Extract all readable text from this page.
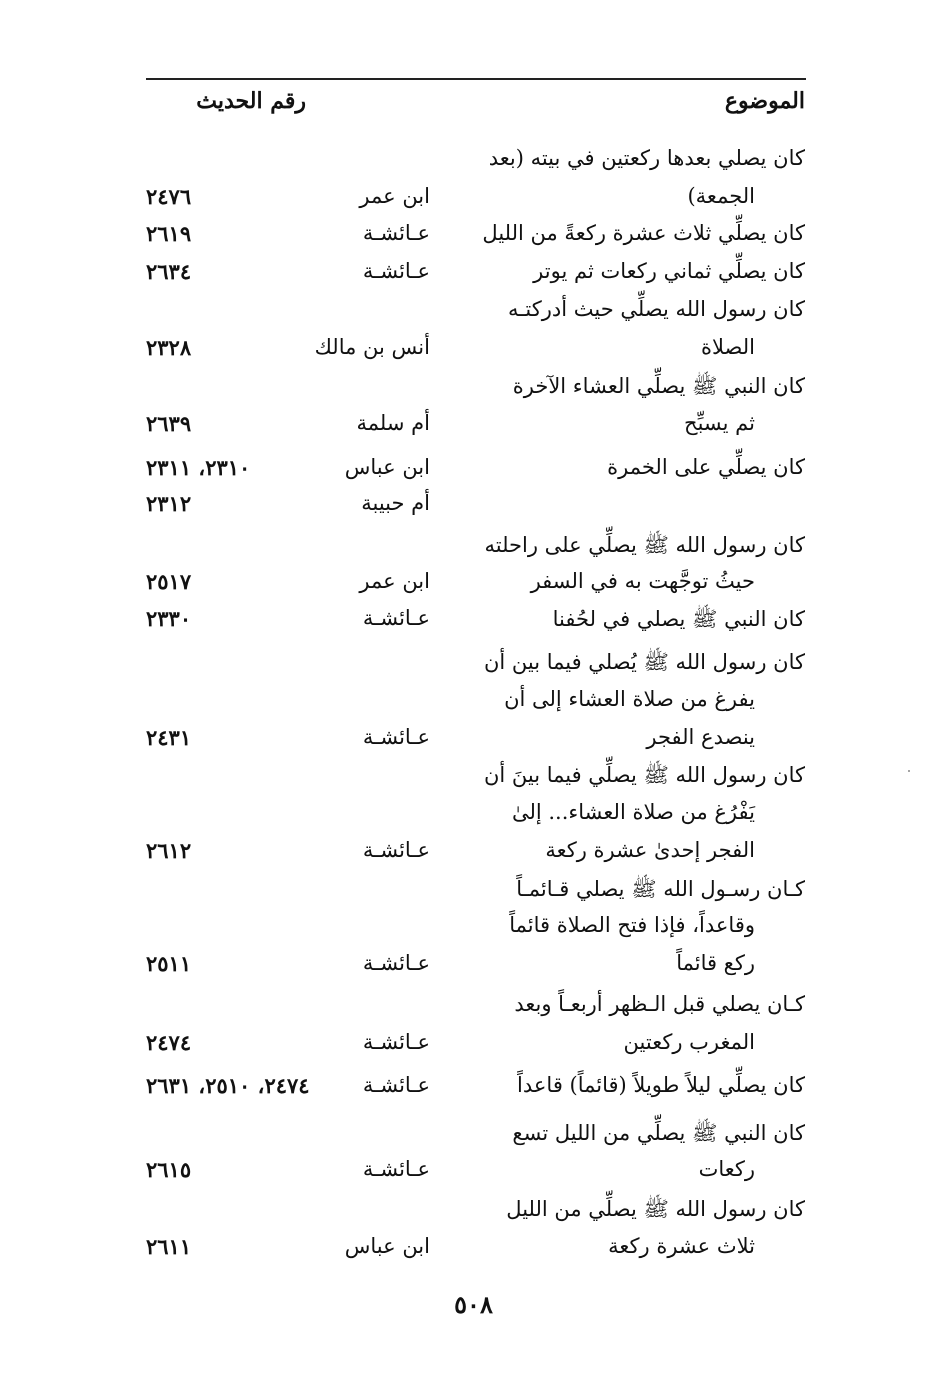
الموضوع
رقم الحديث
كان يصلي بعدها ركعتين في بيته (بعد
الجمعة)
ابن عمر
٢٤٧٦
كان يصلِّي ثلاث عشرة ركعةً من الليل
عـائشـة
٢٦١٩
كان يصلِّي ثماني ركعات ثم يوتر
عـائشـة
٢٦٣٤
كان رسول الله يصلِّي حيث أدركتـه
الصلاة
أنس بن مالك
٢٣٢٨
كان النبي ﷺ يصلِّي العشاء الآخرة
ثم يسبِّح
أم سلمة
٢٦٣٩
كان يصلِّي على الخمرة
ابن عباس
٢٣١٠، ٢٣١١
أم حبيبة
٢٣١٢
كان رسول الله ﷺ يصلِّي على راحلته
حيثُ توجَّهت به في السفر
ابن عمر
٢٥١٧
كان النبي ﷺ يصلي في لحُفنا
عـائشـة
٢٣٣٠
كان رسول الله ﷺ يُصلي فيما بين أن
يفرغ من صلاة العشاء إلى أن
ينصدع الفجر
عـائشـة
٢٤٣١
كان رسول الله ﷺ يصلِّي فيما بينَ أن
يَفْرُغ من صلاة العشاء... إلىٰ
الفجر إحدىٰ عشرة ركعة
عـائشـة
٢٦١٢
كـان رسـول الله ﷺ يصلي قـائمـاً
وقاعداً، فإذا فتح الصلاة قائماً
ركع قائماً
عـائشـة
٢٥١١
كـان يصلي قبل الـظهر أربعـاً وبعد
المغرب ركعتين
عـائشـة
٢٤٧٤
كان يصلِّي ليلاً طويلاً (قائماً) قاعداً
عـائشـة
٢٤٧٤، ٢٥١٠، ٢٦٣١
كان النبي ﷺ يصلِّي من الليل تسع
ركعات
عـائشـة
٢٦١٥
كان رسول الله ﷺ يصلِّي من الليل
ثلاث عشرة ركعة
ابن عباس
٢٦١١
٥٠٨
